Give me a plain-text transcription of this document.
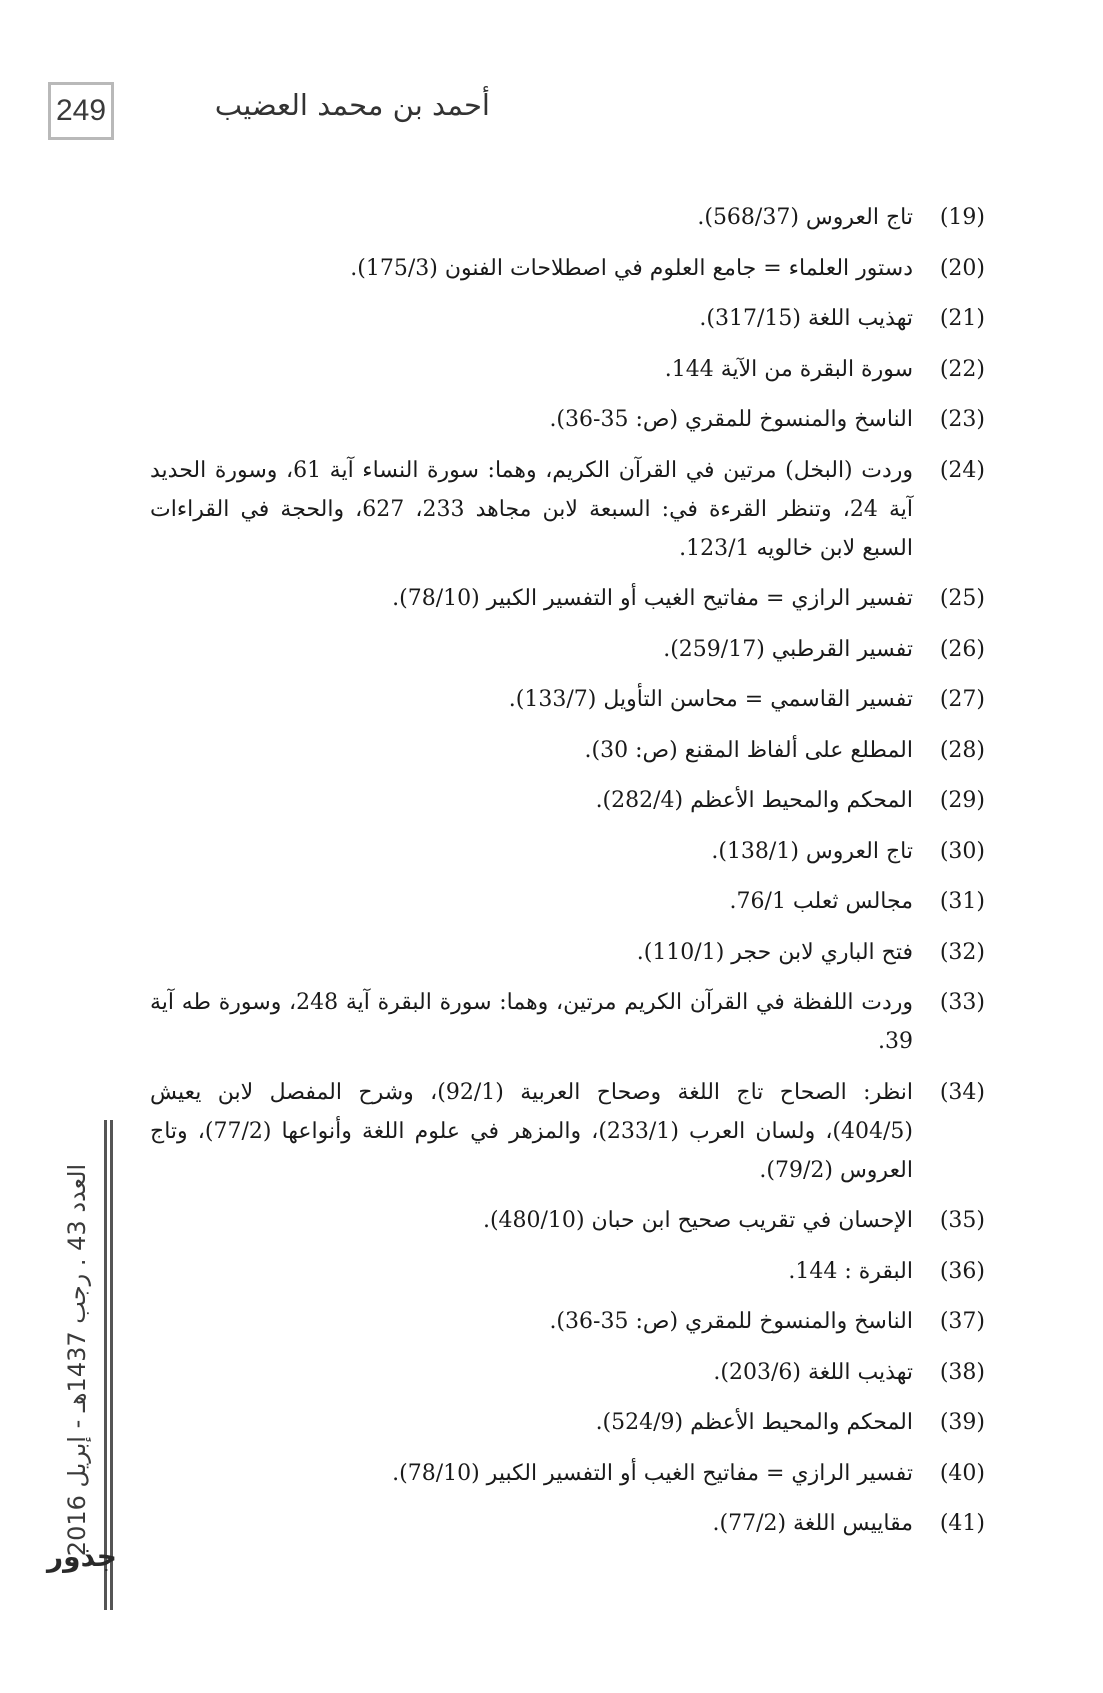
249	أحمد بن محمد العضيب
العدد 43 . رجب 1437هـ - إبريل 2016
جذور
(19)
تاج العروس (568/37).
(20)
دستور العلماء = جامع العلوم في اصطلاحات الفنون (175/3).
(21)
تهذيب اللغة (317/15).
(22)
سورة البقرة من الآية 144.
(23)
الناسخ والمنسوخ للمقري (ص: 35-36).
(24)
وردت (البخل) مرتين في القرآن الكريم، وهما: سورة النساء آية 61، وسورة الحديد آية 24، وتنظر القرءة في: السبعة لابن مجاهد 233، 627، والحجة في القراءات السبع لابن خالويه 123/1.
(25)
تفسير الرازي = مفاتيح الغيب أو التفسير الكبير (78/10).
(26)
تفسير القرطبي (259/17).
(27)
تفسير القاسمي = محاسن التأويل (133/7).
(28)
المطلع على ألفاظ المقنع (ص: 30).
(29)
المحكم والمحيط الأعظم (282/4).
(30)
تاج العروس (138/1).
(31)
مجالس ثعلب 76/1.
(32)
فتح الباري لابن حجر (110/1).
(33)
وردت اللفظة في القرآن الكريم مرتين، وهما: سورة البقرة آية 248، وسورة طه آية 39.
(34)
انظر: الصحاح تاج اللغة وصحاح العربية (92/1)، وشرح المفصل لابن يعيش (404/5)، ولسان العرب (233/1)، والمزهر في علوم اللغة وأنواعها (77/2)، وتاج العروس (79/2).
(35)
الإحسان في تقريب صحيح ابن حبان (480/10).
(36)
البقرة : 144.
(37)
الناسخ والمنسوخ للمقري (ص: 35-36).
(38)
تهذيب اللغة (203/6).
(39)
المحكم والمحيط الأعظم (524/9).
(40)
تفسير الرازي = مفاتيح الغيب أو التفسير الكبير (78/10).
(41)
مقاييس اللغة (77/2).
